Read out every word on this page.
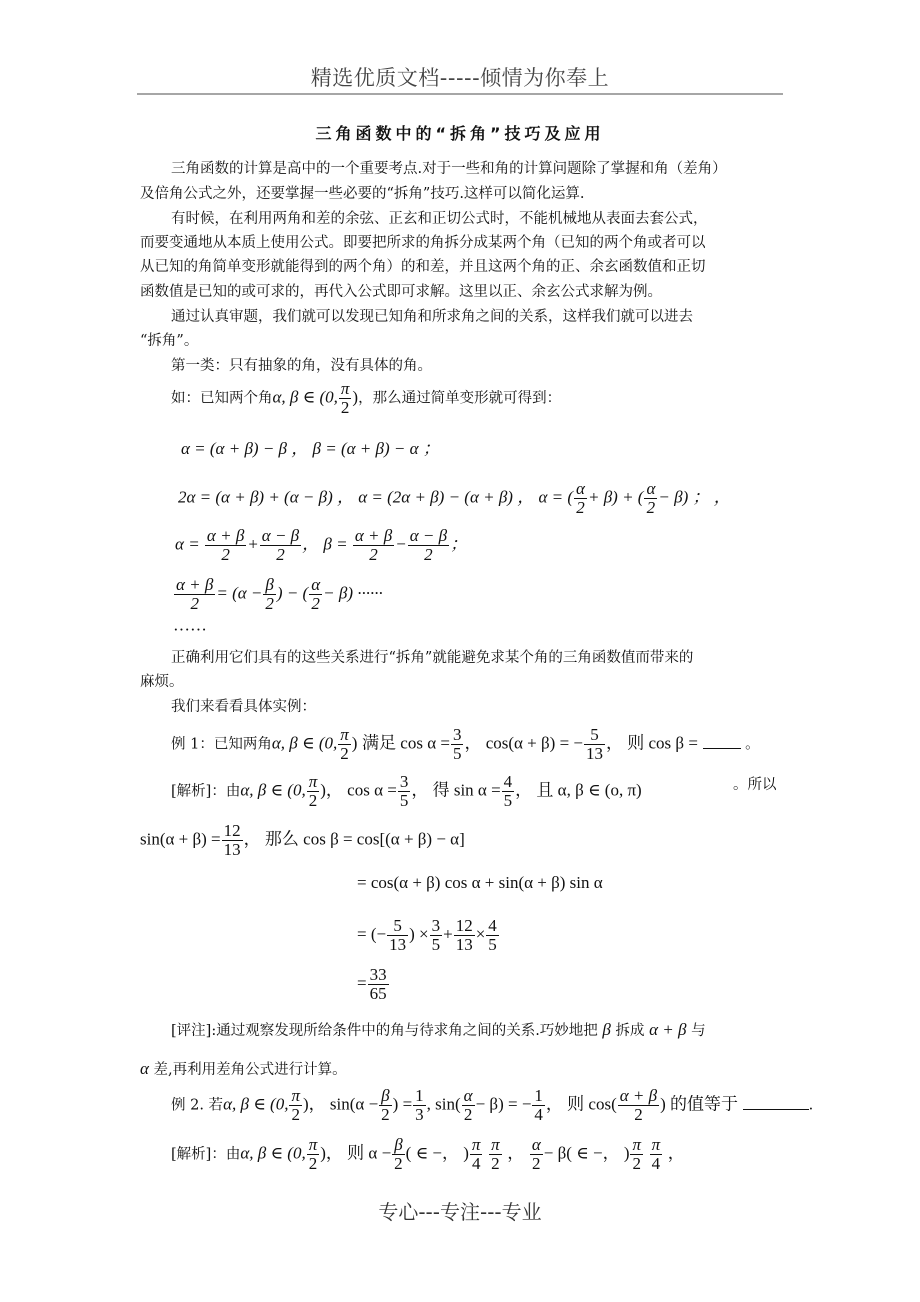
精选优质文档-----倾情为你奉上
三角函数中的“拆角”技巧及应用
三角函数的计算是高中的一个重要考点.对于一些和角的计算问题除了掌握和角（差角）
及倍角公式之外，还要掌握一些必要的“拆角”技巧.这样可以简化运算.
有时候，在利用两角和差的余弦、正玄和正切公式时，不能机械地从表面去套公式，
而要变通地从本质上使用公式。即要把所求的角拆分成某两个角（已知的两个角或者可以
从已知的角简单变形就能得到的两个角）的和差，并且这两个角的正、余玄函数值和正切
函数值是已知的或可求的，再代入公式即可求解。这里以正、余玄公式求解为例。
通过认真审题，我们就可以发现已知角和所求角之间的关系，这样我们就可以进去
“拆角”。
第一类：只有抽象的角，没有具体的角。
如：已知两个角α, β ∈ (0, $\frac{\pi}{2}$ )，那么通过简单变形就可得到：
α = (α + β) − β ， β = (α + β) − α ；
2α = (α + β) + (α − β) ， α = (2α + β) − (α + β) ， α = ( $\frac{\alpha}{2} + \beta$) + ( $\frac{\alpha}{2} - \beta$) ； ，
$\alpha = \frac{\alpha + \beta}{2} + \frac{\alpha - \beta}{2}$ ， $\beta = \frac{\alpha + \beta}{2} - \frac{\alpha - \beta}{2}$ ；
$\frac{\alpha + \beta}{2} = (\alpha - \frac{\beta}{2}$ ) − ( $\frac{\alpha}{2} - \beta$) ······
······
正确利用它们具有的这些关系进行“拆角”就能避免求某个角的三角函数值而带来的
麻烦。
我们来看看具体实例：
例 1：已知两角α, β ∈ (0, $\frac{\pi}{2}$ ) 满足 $\cos \alpha = \frac{3}{5}$ ， cos(α + β) = − $\frac{5}{13}$ ， 则 cos β =	。
[解析]：由α, β ∈ (0, $\frac{\pi}{2}$ )， $\cos \alpha = \frac{3}{5}$ ， 得 $\sin \alpha = \frac{4}{5}$ ， 且 α, β ∈ (o, π)	。所以
$\sin(\alpha + \beta) = \frac{12}{13}$ ， 那么 cos β = cos[(α + β) − α]
= cos(α + β) cos α + sin(α + β) sin α
= (− $\frac{5}{13}$ ) × $\frac{3}{5} + \frac{12}{13} \times \frac{4}{5}$
= $\frac{33}{65}$
[评注]:通过观察发现所给条件中的角与待求角之间的关系.巧妙地把 β 拆成 α + β 与
α 差,再利用差角公式进行计算。
例 2. 若α, β ∈ (0, $\frac{\pi}{2}$ )， $\sin(\alpha - \frac{\beta}{2}$ ) = $\frac{1}{3}$ , $\sin( \frac{\alpha}{2} - \beta)$ = − $\frac{1}{4}$ ， 则 $\cos( \frac{\alpha + \beta}{2}$ ) 的值等于	.
[解析]：由α, β ∈ (0, $\frac{\pi}{2}$ )， 则 $\alpha - \frac{\beta}{2}$ ( ∈ −， ) $\frac{\pi}{4}$
$\frac{\pi}{2}$ ， $\frac{\alpha}{2} - \beta$( ∈ −， ) $\frac{\pi}{2}$
$\frac{\pi}{4}$ ，
专心---专注---专业
